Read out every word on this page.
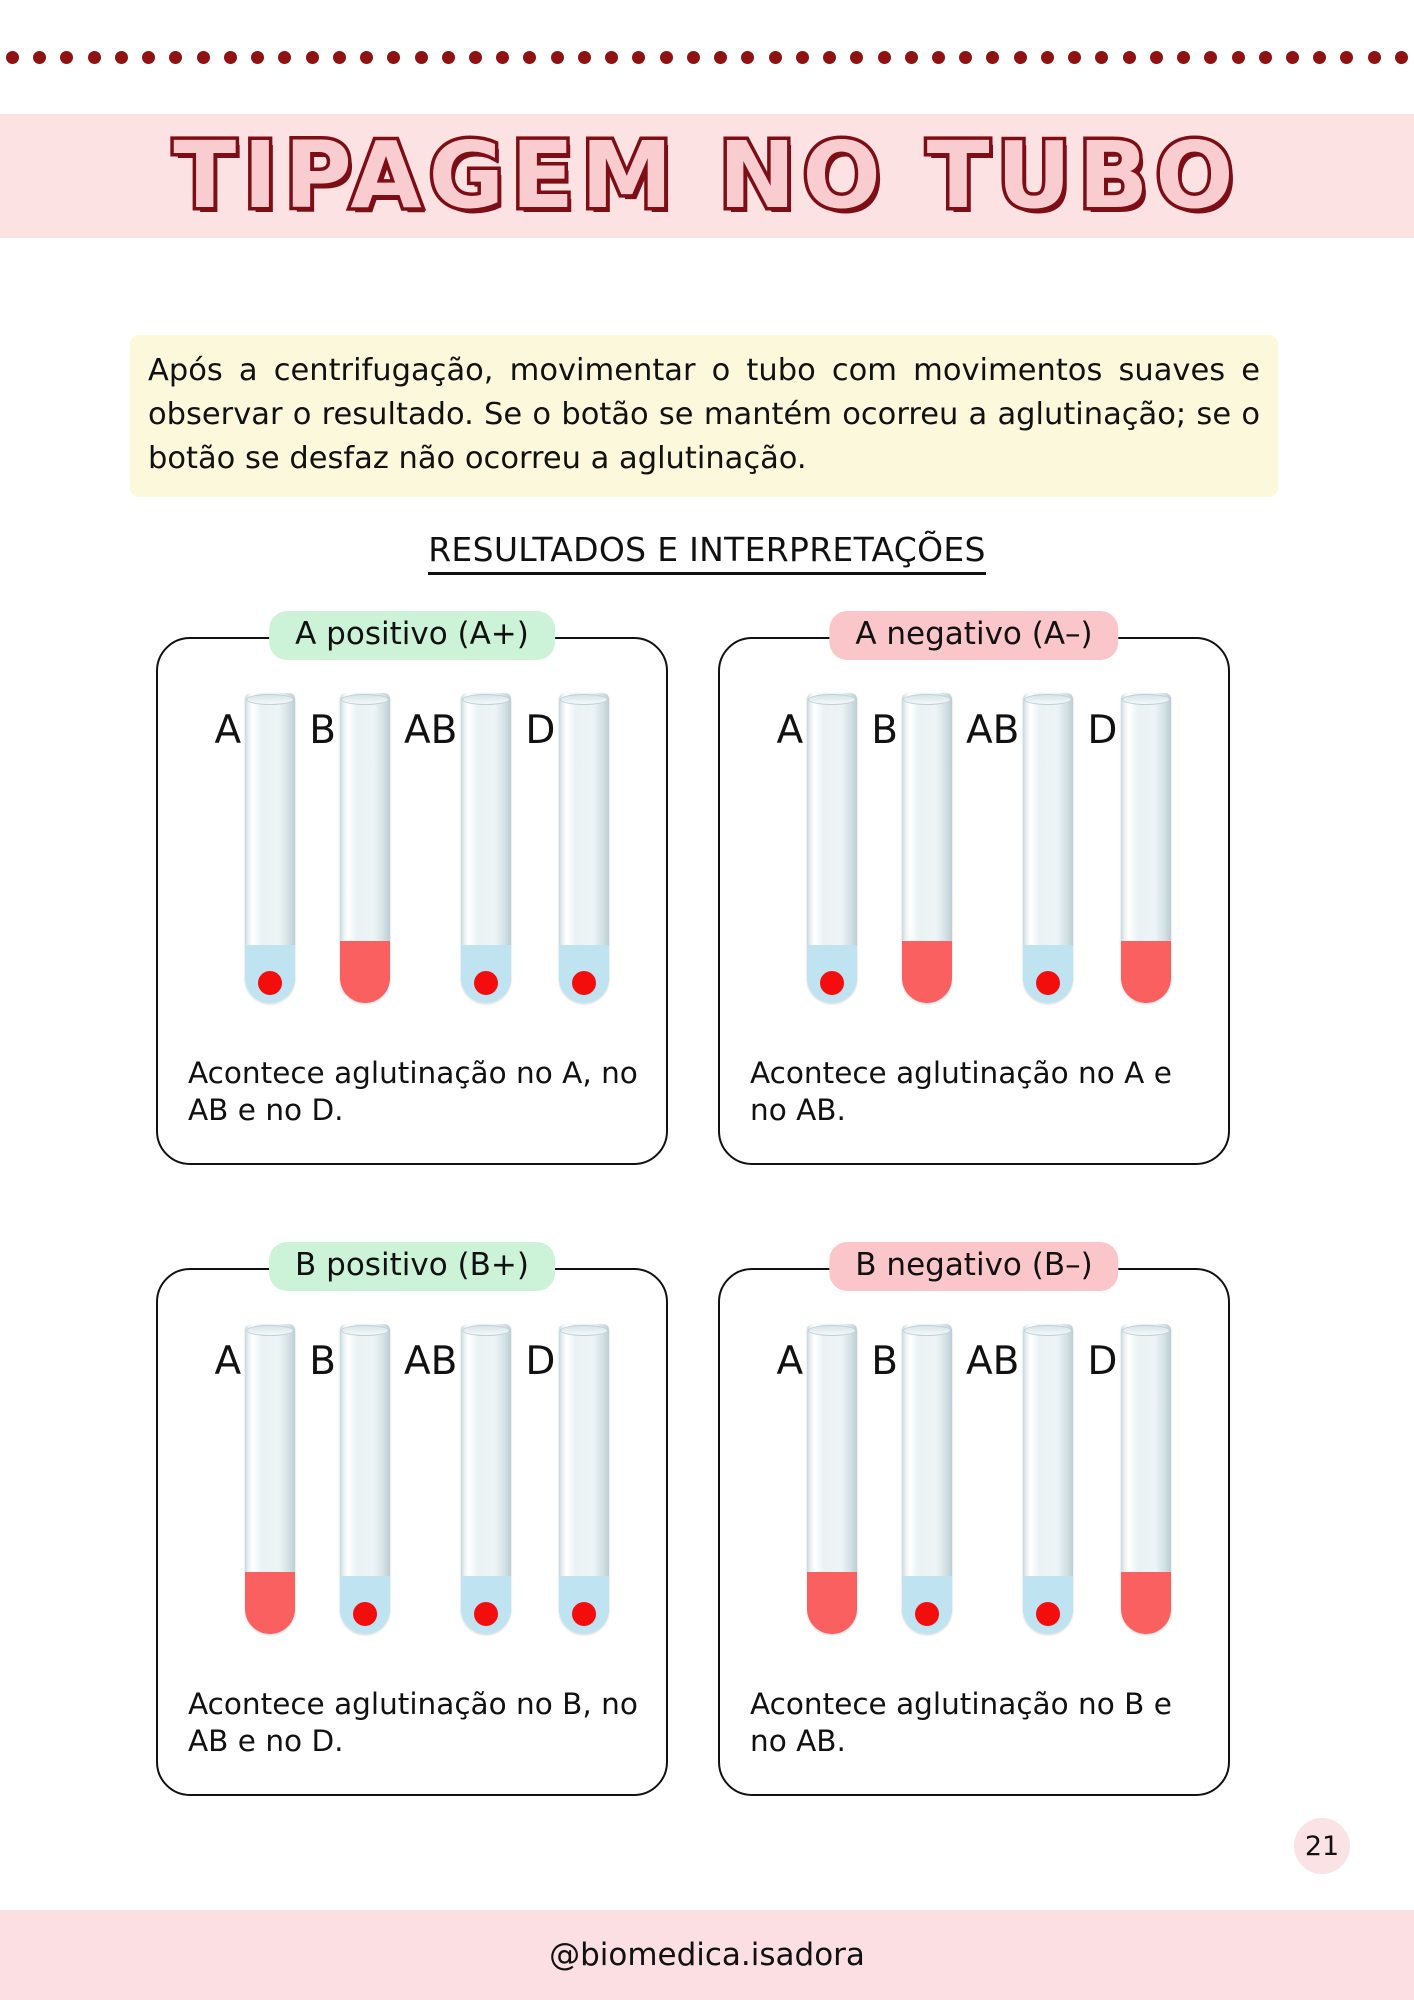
TIPAGEM NO TUBO
Após a centrifugação, movimentar o tubo com movimentos suaves e observar o resultado. Se o botão se mantém ocorreu a aglutinação; se o botão se desfaz não ocorreu a aglutinação.
RESULTADOS E INTERPRETAÇÕES
A positivo (A+)
A B AB D
Acontece aglutinação no A, no AB e no D.
A negativo (A–)
A B AB D
Acontece aglutinação no A e no AB.
B positivo (B+)
A B AB D
Acontece aglutinação no B, no AB e no D.
B negativo (B–)
A B AB D
Acontece aglutinação no B e no AB.
21
@biomedica.isadora
